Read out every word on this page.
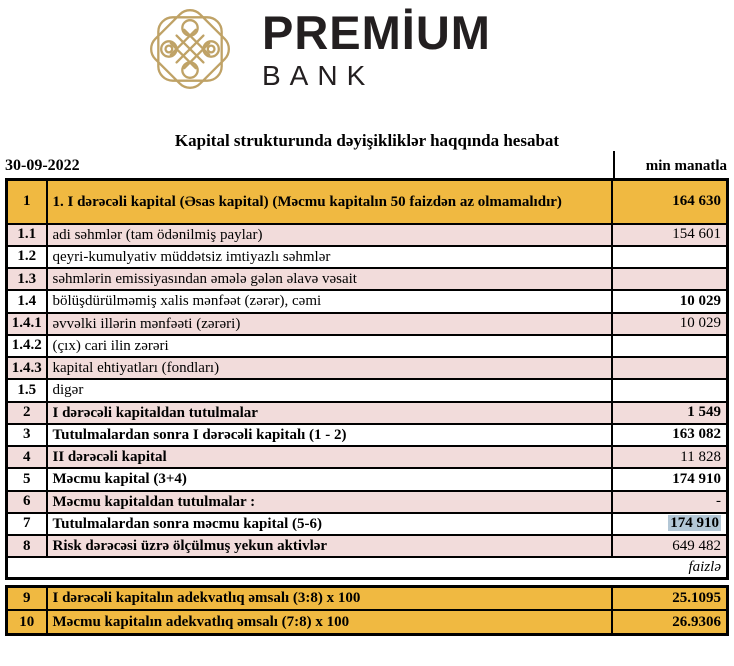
PREMİUM
BANK
Kapital strukturunda dəyişikliklər haqqında hesabat
30-09-2022	min manatla
1	1. I dərəcəli kapital (Əsas kapital) (Məcmu kapitalın 50 faizdən az olmamalıdır)	164 630
1.1	adi səhmlər (tam ödənilmiş paylar)	154 601
1.2	qeyri-kumulyativ müddətsiz imtiyazlı səhmlər	
1.3	səhmlərin emissiyasından əmələ gələn əlavə vəsait	
1.4	bölüşdürülməmiş xalis mənfəət (zərər), cəmi	10 029
1.4.1	əvvəlki illərin mənfəəti (zərəri)	10 029
1.4.2	(çıx) cari ilin zərəri	
1.4.3	kapital ehtiyatları (fondları)	
1.5	digər	
2	I dərəcəli kapitaldan tutulmalar	1 549
3	Tutulmalardan sonra I dərəcəli kapitalı (1 - 2)	163 082
4	II dərəcəli kapital	11 828
5	Məcmu kapital (3+4)	174 910
6	Məcmu kapitaldan tutulmalar :	-
7	Tutulmalardan sonra məcmu kapital (5-6)	174 910
8	Risk dərəcəsi üzrə ölçülmuş yekun aktivlər	649 482
faizlə		
9	I dərəcəli kapitalın adekvatlıq əmsalı (3:8) x 100	25.1095
10	Məcmu kapitalın adekvatlıq əmsalı (7:8) x 100	26.9306
